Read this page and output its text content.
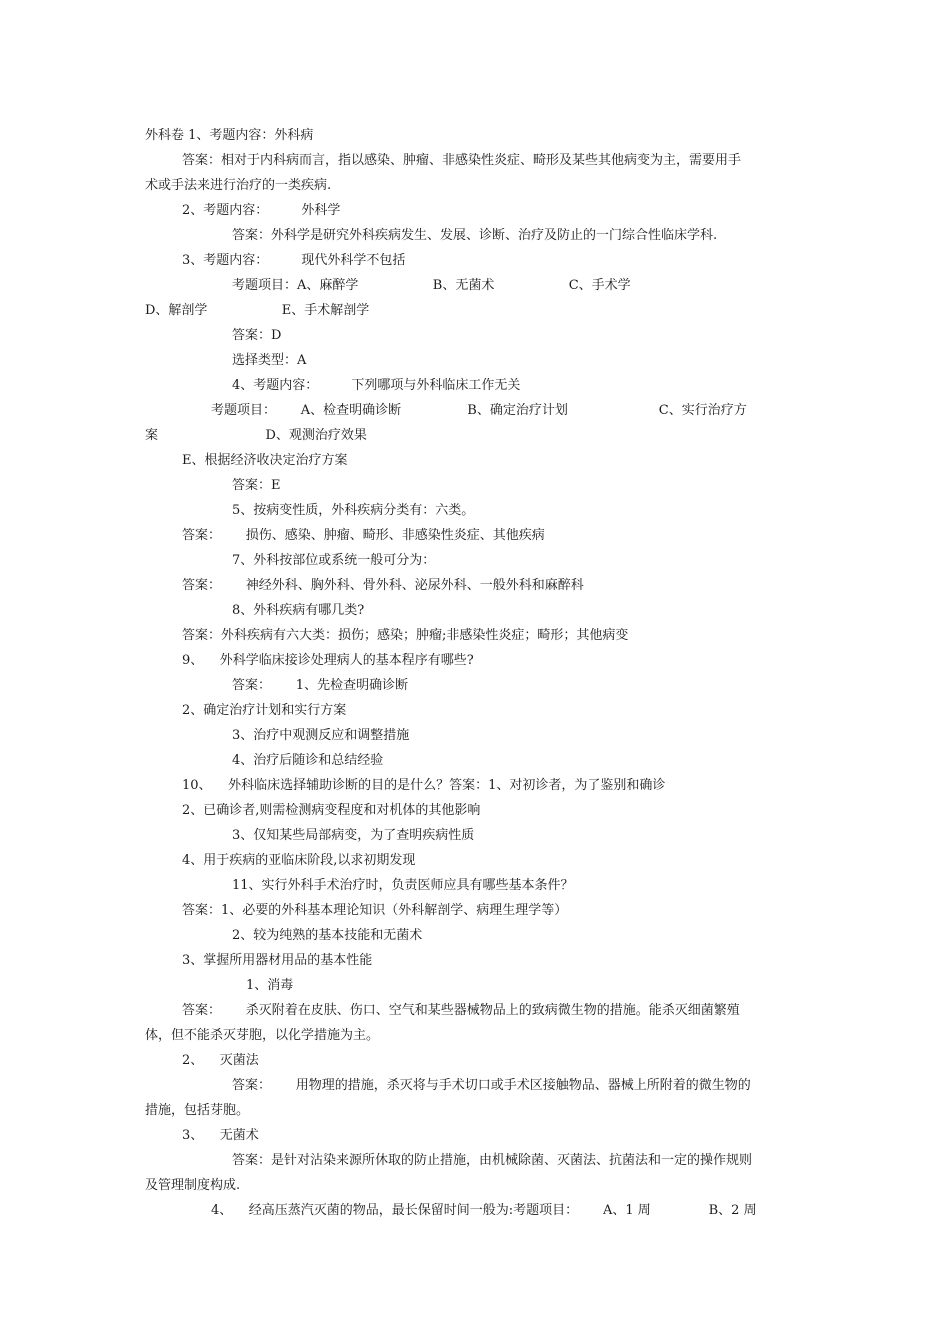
外科卷 1、考题内容：外科病

答案：相对于内科病而言，指以感染、肿瘤、非感染性炎症、畸形及某些其他病变为主，需要用手

术或手法来进行治疗的一类疾病.

2、考题内容：        外科学

答案：外科学是研究外科疾病发生、发展、诊断、治疗及防止的一门综合性临床学科.

3、考题内容：        现代外科学不包括

考题项目：A、麻醉学                  B、无菌术                  C、手术学

D、解剖学                  E、手术解剖学

答案：D

选择类型：A

4、考题内容：        下列哪项与外科临床工作无关

考题项目：      A、检查明确诊断                B、确定治疗计划                      C、实行治疗方

案                          D、观测治疗效果

E、根据经济收决定治疗方案

答案：E

5、按病变性质，外科疾病分类有：六类。

答案：      损伤、感染、肿瘤、畸形、非感染性炎症、其他疾病

7、外科按部位或系统一般可分为：

答案：      神经外科、胸外科、骨外科、泌尿外科、一般外科和麻醉科

8、外科疾病有哪几类?

答案：外科疾病有六大类：损伤；感染；肿瘤;非感染性炎症；畸形；其他病变

9、    外科学临床接诊处理病人的基本程序有哪些?

答案：      1、先检查明确诊断

2、确定治疗计划和实行方案

3、治疗中观测反应和调整措施

4、治疗后随诊和总结经验

10、    外科临床选择辅助诊断的目的是什么？答案：1、对初诊者，为了鉴别和确诊

2、已确诊者,则需检测病变程度和对机体的其他影响

3、仅知某些局部病变，为了查明疾病性质

4、用于疾病的亚临床阶段,以求初期发现

11、实行外科手术治疗时，负责医师应具有哪些基本条件？

答案：1、必要的外科基本理论知识（外科解剖学、病理生理学等）

2、较为纯熟的基本技能和无菌术

3、掌握所用器材用品的基本性能

1、消毒

答案：      杀灭附着在皮肤、伤口、空气和某些器械物品上的致病微生物的措施。能杀灭细菌繁殖

体，但不能杀灭芽胞，以化学措施为主。

2、    灭菌法

答案：      用物理的措施，杀灭将与手术切口或手术区接触物品、器械上所附着的微生物的

措施，包括芽胞。

3、    无菌术

答案：是针对沾染来源所休取的防止措施，由机械除菌、灭菌法、抗菌法和一定的操作规则

及管理制度构成.

4、    经高压蒸汽灭菌的物品，最长保留时间一般为:考题项目：      A、1 周              B、2 周
